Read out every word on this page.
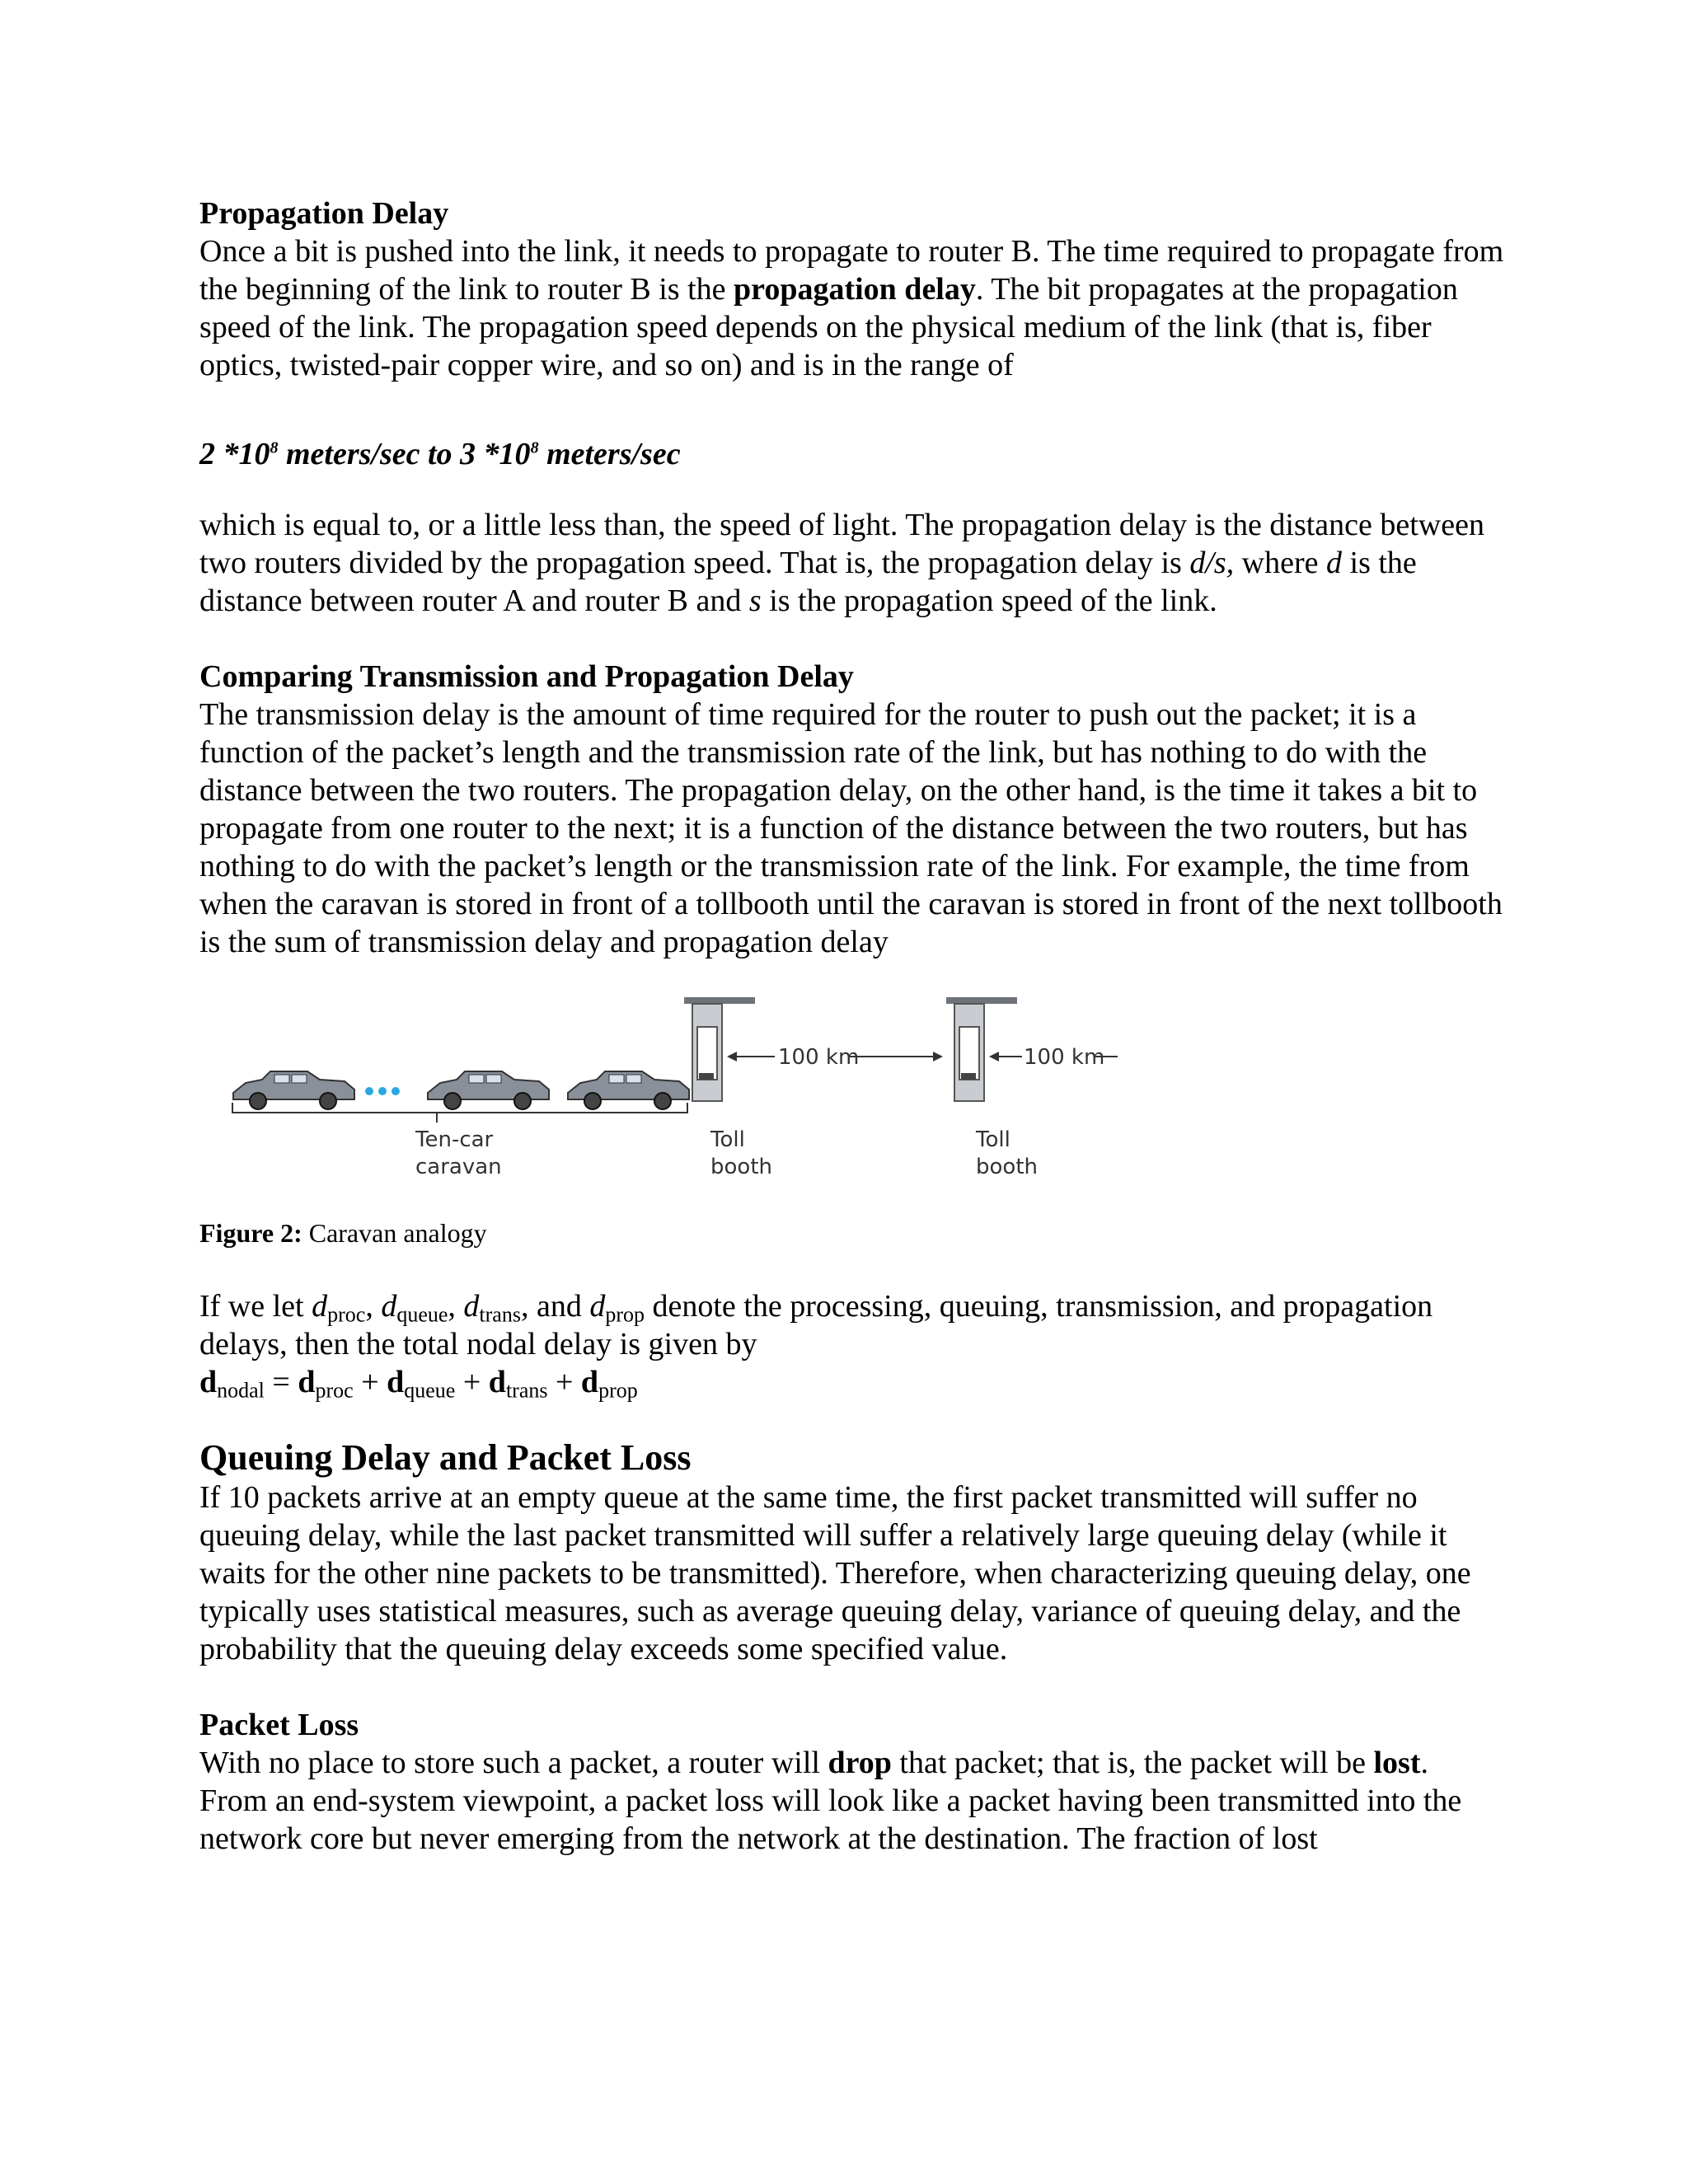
Propagation Delay

Once a bit is pushed into the link, it needs to propagate to router B. The time required to propagate from the beginning of the link to router B is the propagation delay. The bit propagates at the propagation speed of the link. The propagation speed depends on the physical medium of the link (that is, fiber optics, twisted-pair copper wire, and so on) and is in the range of

2 $*10^8$ meters/sec to 3 $*10^8$ meters/sec

which is equal to, or a little less than, the speed of light. The propagation delay is the distance between two routers divided by the propagation speed. That is, the propagation delay is d/s, where d is the distance between router A and router B and s is the propagation speed of the link.

Comparing Transmission and Propagation Delay

The transmission delay is the amount of time required for the router to push out the packet; it is a function of the packet’s length and the transmission rate of the link, but has nothing to do with the distance between the two routers. The propagation delay, on the other hand, is the time it takes a bit to propagate from one router to the next; it is a function of the distance between the two routers, but has nothing to do with the packet’s length or the transmission rate of the link. For example, the time from when the caravan is stored in front of a tollbooth until the caravan is stored in front of the next tollbooth is the sum of transmission delay and propagation delay

Ten-car
caravan
100 km
Toll
booth
100 km
Toll
booth

Figure 2: Caravan analogy

If we let $d_{proc}$, $d_{queue}$, $d_{trans}$, and $d_{prop}$ denote the processing, queuing, transmission, and propagation delays, then the total nodal delay is given by

$d_{nodal} = d_{proc} + d_{queue} + d_{trans} + d_{prop}$

Queuing Delay and Packet Loss

If 10 packets arrive at an empty queue at the same time, the first packet transmitted will suffer no queuing delay, while the last packet transmitted will suffer a relatively large queuing delay (while it waits for the other nine packets to be transmitted). Therefore, when characterizing queuing delay, one typically uses statistical measures, such as average queuing delay, variance of queuing delay, and the probability that the queuing delay exceeds some specified value.

Packet Loss

With no place to store such a packet, a router will drop that packet; that is, the packet will be lost.

From an end-system viewpoint, a packet loss will look like a packet having been transmitted into the network core but never emerging from the network at the destination. The fraction of lost
